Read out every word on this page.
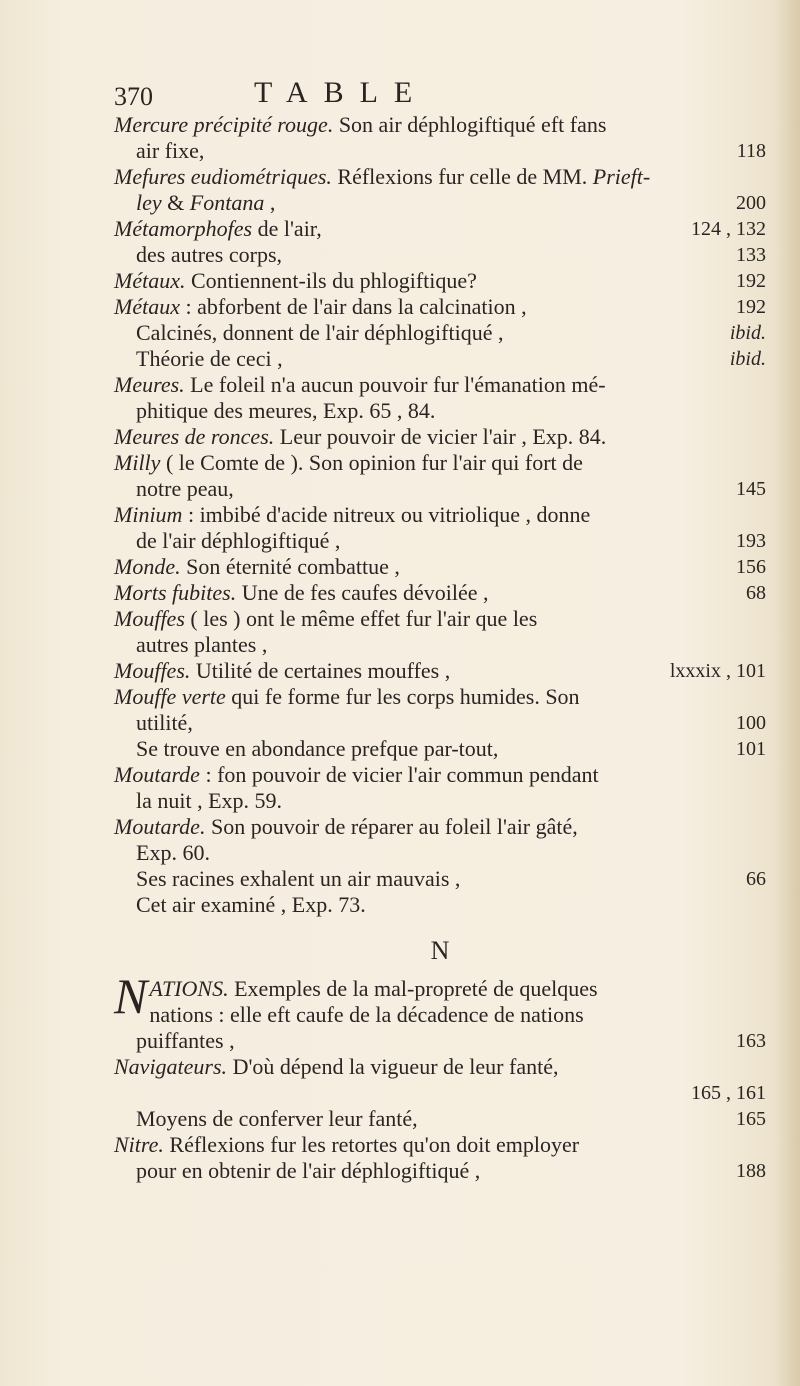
370	TABLE
Mercure précipité rouge. Son air déphlogiftiqué eft fans
air fixe,	118
Mefures eudiométriques. Réflexions fur celle de MM. Prieft-
ley & Fontana ,	200
Métamorphofes de l'air,	124 , 132
des autres corps,	133
Métaux. Contiennent-ils du phlogiftique?	192
Métaux : abforbent de l'air dans la calcination ,	192
Calcinés, donnent de l'air déphlogiftiqué ,	ibid.
Théorie de ceci ,	ibid.
Meures. Le foleil n'a aucun pouvoir fur l'émanation mé-
phitique des meures, Exp. 65 , 84.
Meures de ronces. Leur pouvoir de vicier l'air , Exp. 84.
Milly ( le Comte de ). Son opinion fur l'air qui fort de
notre peau,	145
Minium : imbibé d'acide nitreux ou vitriolique , donne
de l'air déphlogiftiqué ,	193
Monde. Son éternité combattue ,	156
Morts fubites. Une de fes caufes dévoilée ,	68
Mouffes ( les ) ont le même effet fur l'air que les
autres plantes ,
Mouffes. Utilité de certaines mouffes ,	lxxxix , 101
Mouffe verte qui fe forme fur les corps humides. Son
utilité,	100
Se trouve en abondance prefque par-tout,	101
Moutarde : fon pouvoir de vicier l'air commun pendant
la nuit , Exp. 59.
Moutarde. Son pouvoir de réparer au foleil l'air gâté,
Exp. 60.
Ses racines exhalent un air mauvais ,	66
Cet air examiné , Exp. 73.
N
NATIONS. Exemples de la mal-propreté de quelques
nations : elle eft caufe de la décadence de nations
puiffantes ,	163
Navigateurs. D'où dépend la vigueur de leur fanté,
165 , 161
Moyens de conferver leur fanté,	165
Nitre. Réflexions fur les retortes qu'on doit employer
pour en obtenir de l'air déphlogiftiqué ,	188
